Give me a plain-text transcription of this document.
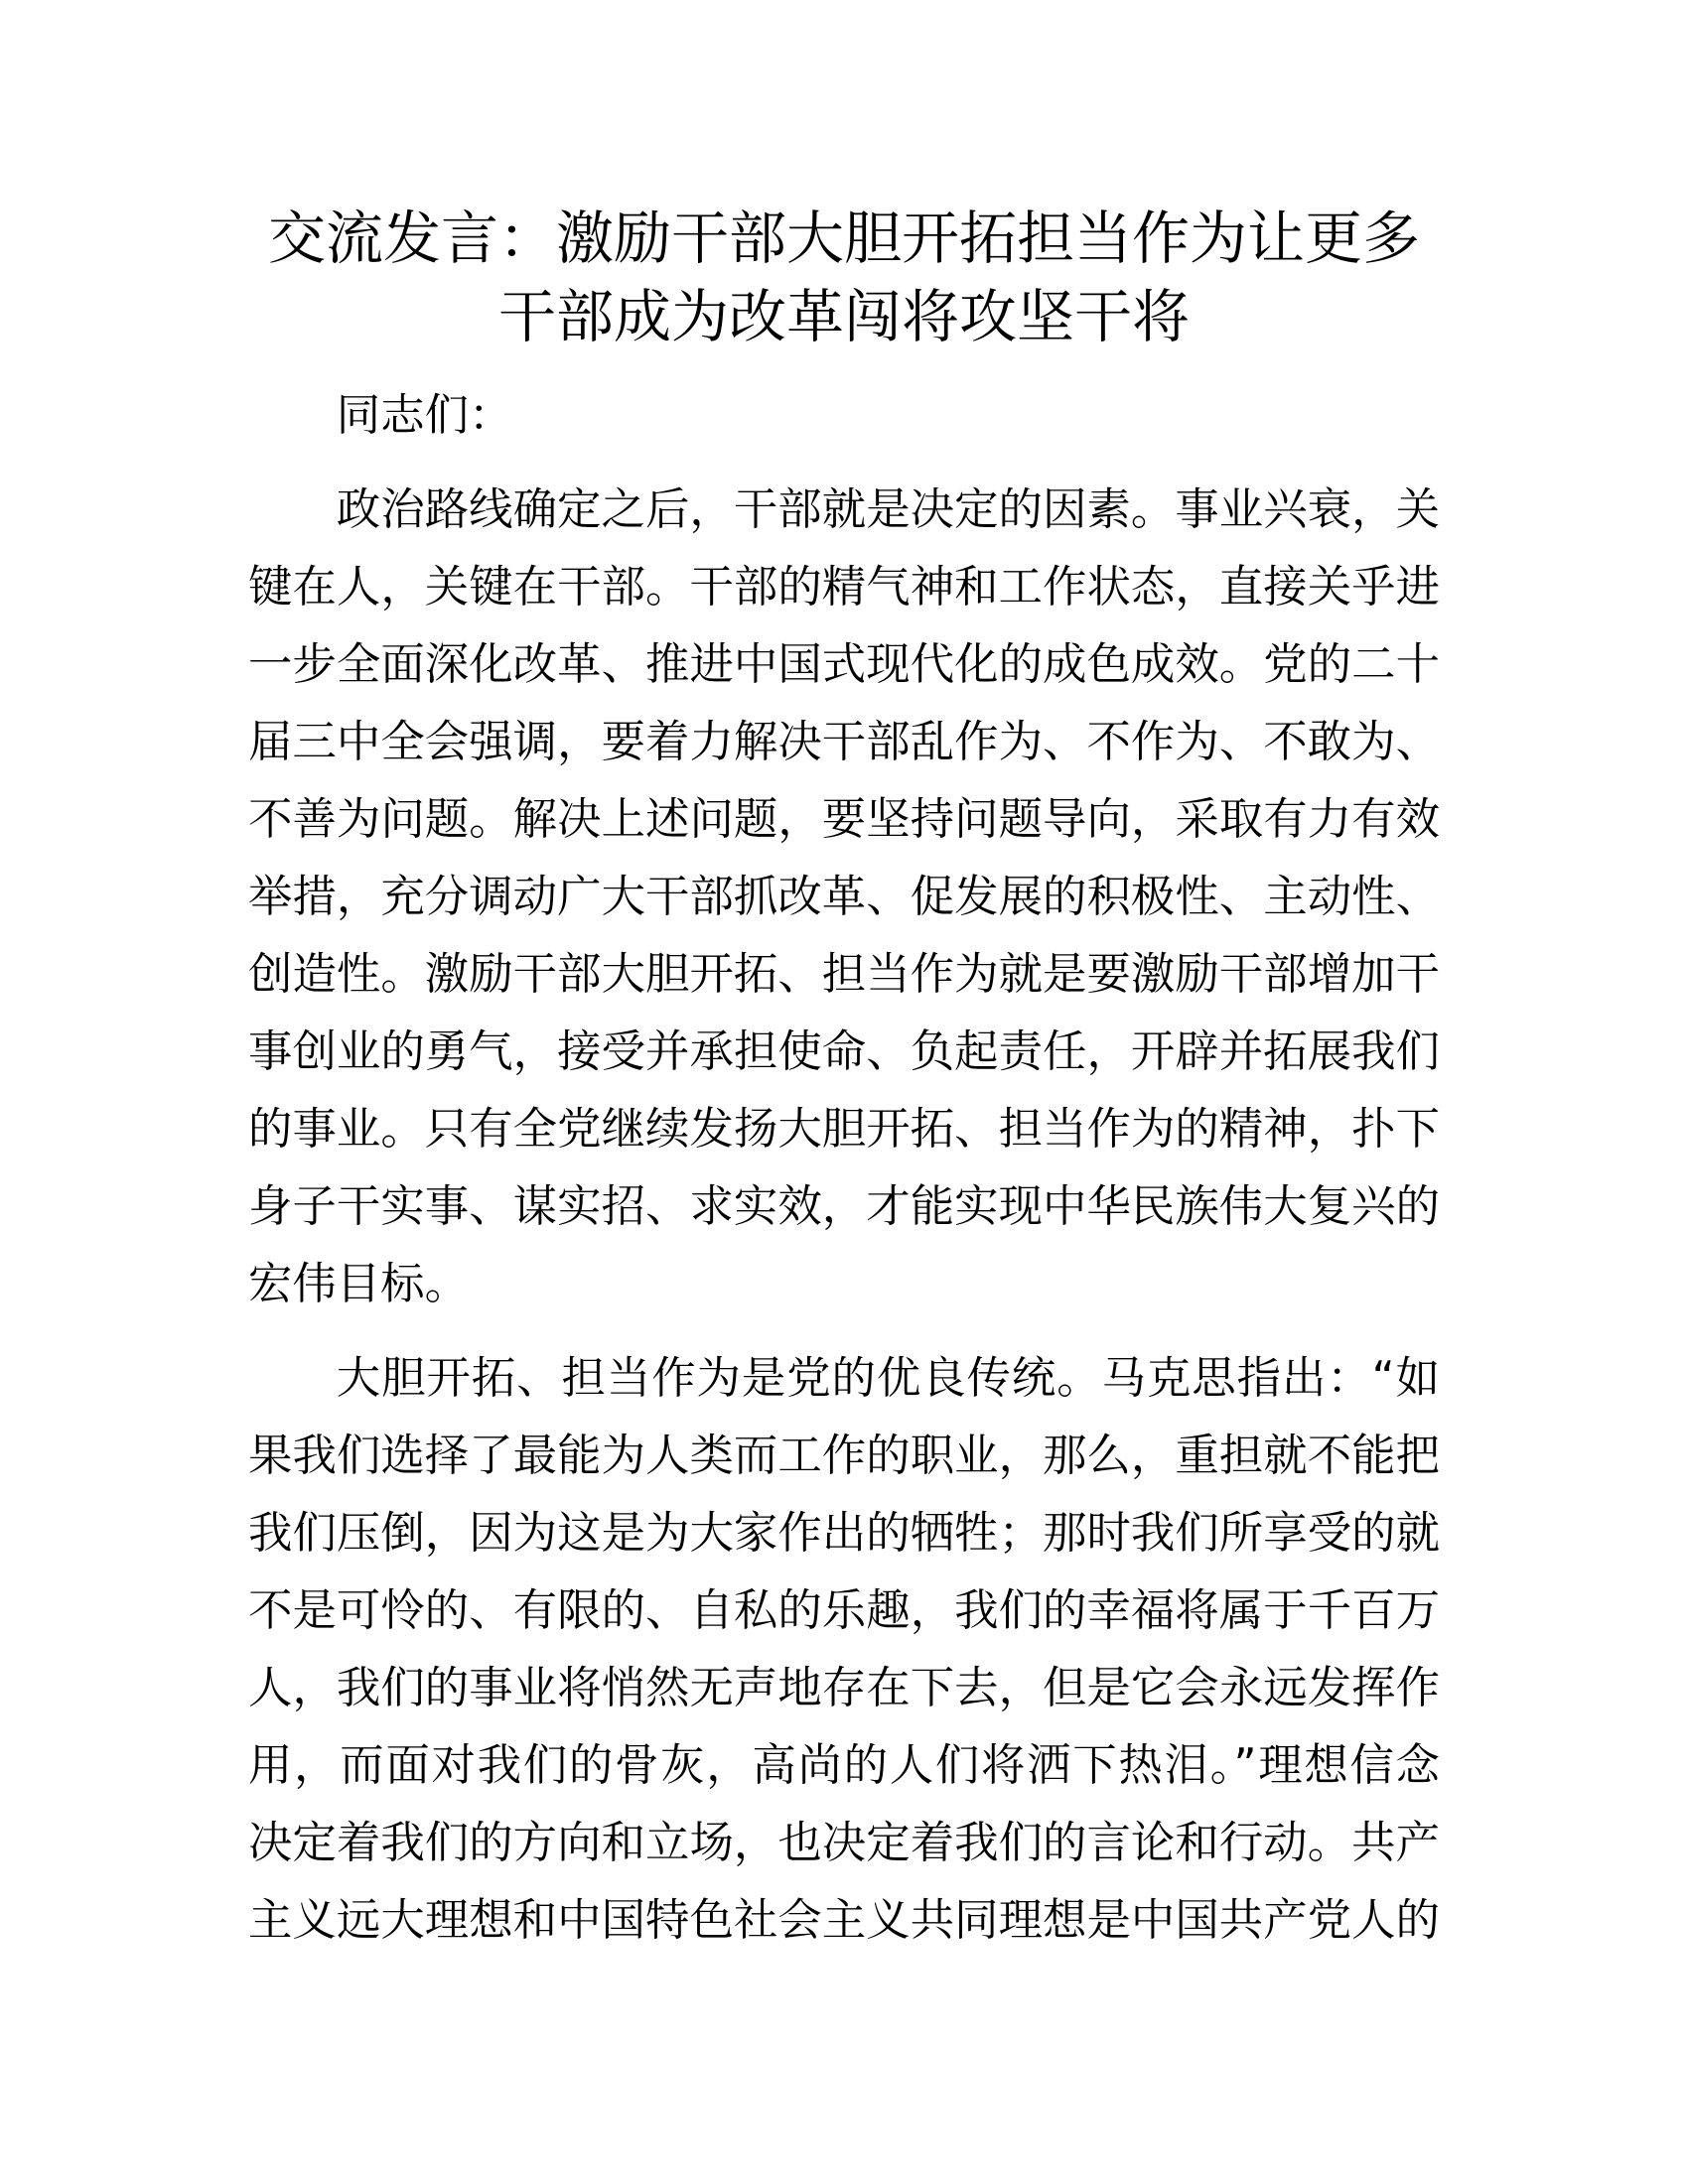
交流发言：激励干部大胆开拓担当作为让更多
干部成为改革闯将攻坚干将

同志们：

政治路线确定之后，干部就是决定的因素。事业兴衰，关
键在人，关键在干部。干部的精气神和工作状态，直接关乎进
一步全面深化改革、推进中国式现代化的成色成效。党的二十
届三中全会强调，要着力解决干部乱作为、不作为、不敢为、
不善为问题。解决上述问题，要坚持问题导向，采取有力有效
举措，充分调动广大干部抓改革、促发展的积极性、主动性、
创造性。激励干部大胆开拓、担当作为就是要激励干部增加干
事创业的勇气，接受并承担使命、负起责任，开辟并拓展我们
的事业。只有全党继续发扬大胆开拓、担当作为的精神，扑下
身子干实事、谋实招、求实效，才能实现中华民族伟大复兴的
宏伟目标。

大胆开拓、担当作为是党的优良传统。马克思指出：“如
果我们选择了最能为人类而工作的职业，那么，重担就不能把
我们压倒，因为这是为大家作出的牺牲；那时我们所享受的就
不是可怜的、有限的、自私的乐趣，我们的幸福将属于千百万
人，我们的事业将悄然无声地存在下去，但是它会永远发挥作
用，而面对我们的骨灰，高尚的人们将洒下热泪。”理想信念
决定着我们的方向和立场，也决定着我们的言论和行动。共产
主义远大理想和中国特色社会主义共同理想是中国共产党人的
